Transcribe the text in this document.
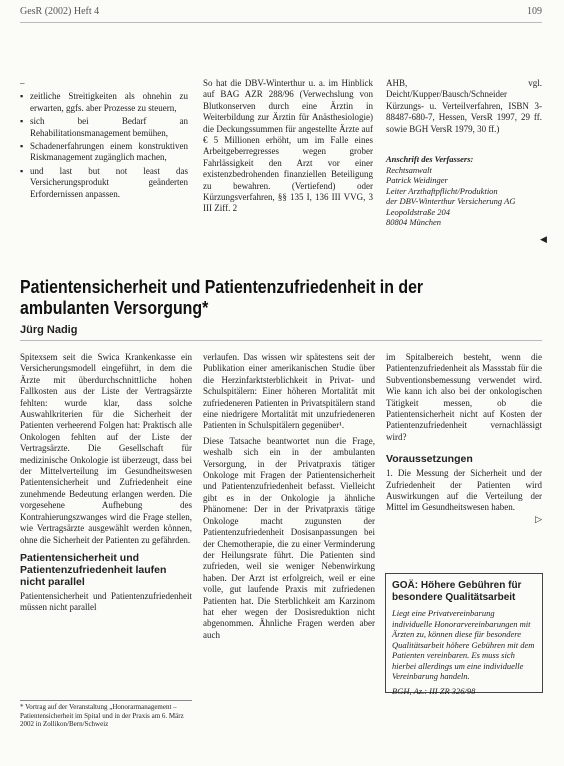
GesR (2002) Heft 4	109
–

▪ zeitliche Streitigkeiten als ohnehin zu erwarten, ggfs. aber Prozesse zu steuern,

▪ sich bei Bedarf an Rehabilitationsmanagement bemühen,

▪ Schadenerfahrungen einem konstruktiven Riskmanagement zugänglich machen,

▪ und last but not least das Versicherungsprodukt geänderten Erfordernissen anpassen.

So hat die DBV-Winterthur u. a. im Hinblick auf BAG AZR 288/96 (Verwechslung von Blutkonserven durch eine Ärztin in Weiterbildung zur Ärztin für Anästhesiologie) die Deckungssummen für angestellte Ärzte auf € 5 Millionen erhöht, um im Falle eines Arbeitgeberregresses wegen grober Fahrlässigkeit den Arzt vor einer existenzbedrohenden finanziellen Beteiligung zu bewahren. (Vertiefend) oder Kürzungsverfahren, §§ 135 I, 136 III VVG, 3 III Ziff. 2
AHB, vgl. Deicht/Kupper/Bausch/Schneider Kürzungs- u. Verteilverfahren, ISBN 3-88487-680-7, Hessen, VersR 1997, 29 ff. sowie BGH VersR 1979, 30 ff.)
Anschrift des Verfassers:
Rechtsanwalt
Patrick Weidinger
Leiter Arzthaftpflicht/Produktion
der DBV-Winterthur Versicherung AG
Leopoldstraße 204
80804 München
◀
Patientensicherheit und Patientenzufriedenheit in der ambulanten Versorgung*
Jürg Nadig
Spitexsem seit die Swica Krankenkasse ein Versicherungsmodell eingeführt, in dem die Ärzte mit überdurchschnittliche hohen Fallkosten aus der Liste der Vertragsärzte fehlten: wurde klar, dass solche Auswahlkriterien für die Sicherheit der Patienten verheerend Folgen hat: Praktisch alle Onkologen fehlten auf der Liste der Vertragsärzte. Die Gesellschaft für medizinische Onkologie ist überzeugt, dass bei der Mittelverteilung im Gesundheitswesen Patientensicherheit und Zufriedenheit eine zunehmende Bedeutung erlangen werden. Die vorgesehene Aufhebung des Kontrahierungszwanges wird die Frage stellen, wie Vertragsärzte ausgewählt werden können, ohne die Sicherheit der Patienten zu gefährden.
Patientensicherheit und Patientenzufriedenheit laufen nicht parallel
Patientensicherheit und Patientenzufriedenheit müssen nicht parallel
* Vortrag auf der Veranstaltung „Honorarmanagement – Patientensicherheit im Spital und in der Praxis am 6. März 2002 in Zollikon/Bern/Schweiz
verlaufen. Das wissen wir spätestens seit der Publikation einer amerikanischen Studie über die Herzinfarktsterblichkeit in Privat- und Schulspitälern: Einer höheren Mortalität mit zufriedeneren Patienten in Privatspitälern stand eine niedrigere Mortalität mit unzufriedeneren Patienten in Schulspitälern gegenüber¹.
Diese Tatsache beantwortet nun die Frage, weshalb sich ein in der ambulanten Versorgung, in der Privatpraxis tätiger Onkologe mit Fragen der Patientensicherheit und Patientenzufriedenheit befasst. Vielleicht gibt es in der Onkologie ja ähnliche Phänomene: Der in der Privatpraxis tätige Onkologe macht zugunsten der Patientenzufriedenheit Dosisanpassungen bei der Chemotherapie, die zu einer Verminderung der Heilungsrate führt. Die Patienten sind zufrieden, weil sie weniger Nebenwirkung haben. Der Arzt ist erfolgreich, weil er eine volle, gut laufende Praxis mit zufriedenen Patienten hat. Die Sterblichkeit am Karzinom hat eher wegen der Dosisreduktion nicht abgenommen. Ähnliche Fragen werden aber auch
im Spitalbereich besteht, wenn die Patientenzufriedenheit als Massstab für die Subventionsbemessung verwendet wird. Wie kann ich also bei der onkologischen Tätigkeit messen, ob die Patientensicherheit nicht auf Kosten der Patientenzufriedenheit vernachlässigt wird?
Voraussetzungen
1. Die Messung der Sicherheit und der Zufriedenheit der Patienten wird Auswirkungen auf die Verteilung der Mittel im Gesundheitswesen haben.
▷
GOÄ: Höhere Gebühren für besondere Qualitätsarbeit
Liegt eine Privatvereinbarung individuelle Honorarvereinbarungen mit Ärzten zu, können diese für besondere Qualitätsarbeit höhere Gebühren mit dem Patienten vereinbaren. Es muss sich hierbei allerdings um eine individuelle Vereinbarung handeln.
BGH, Az.: III ZR 326/98
